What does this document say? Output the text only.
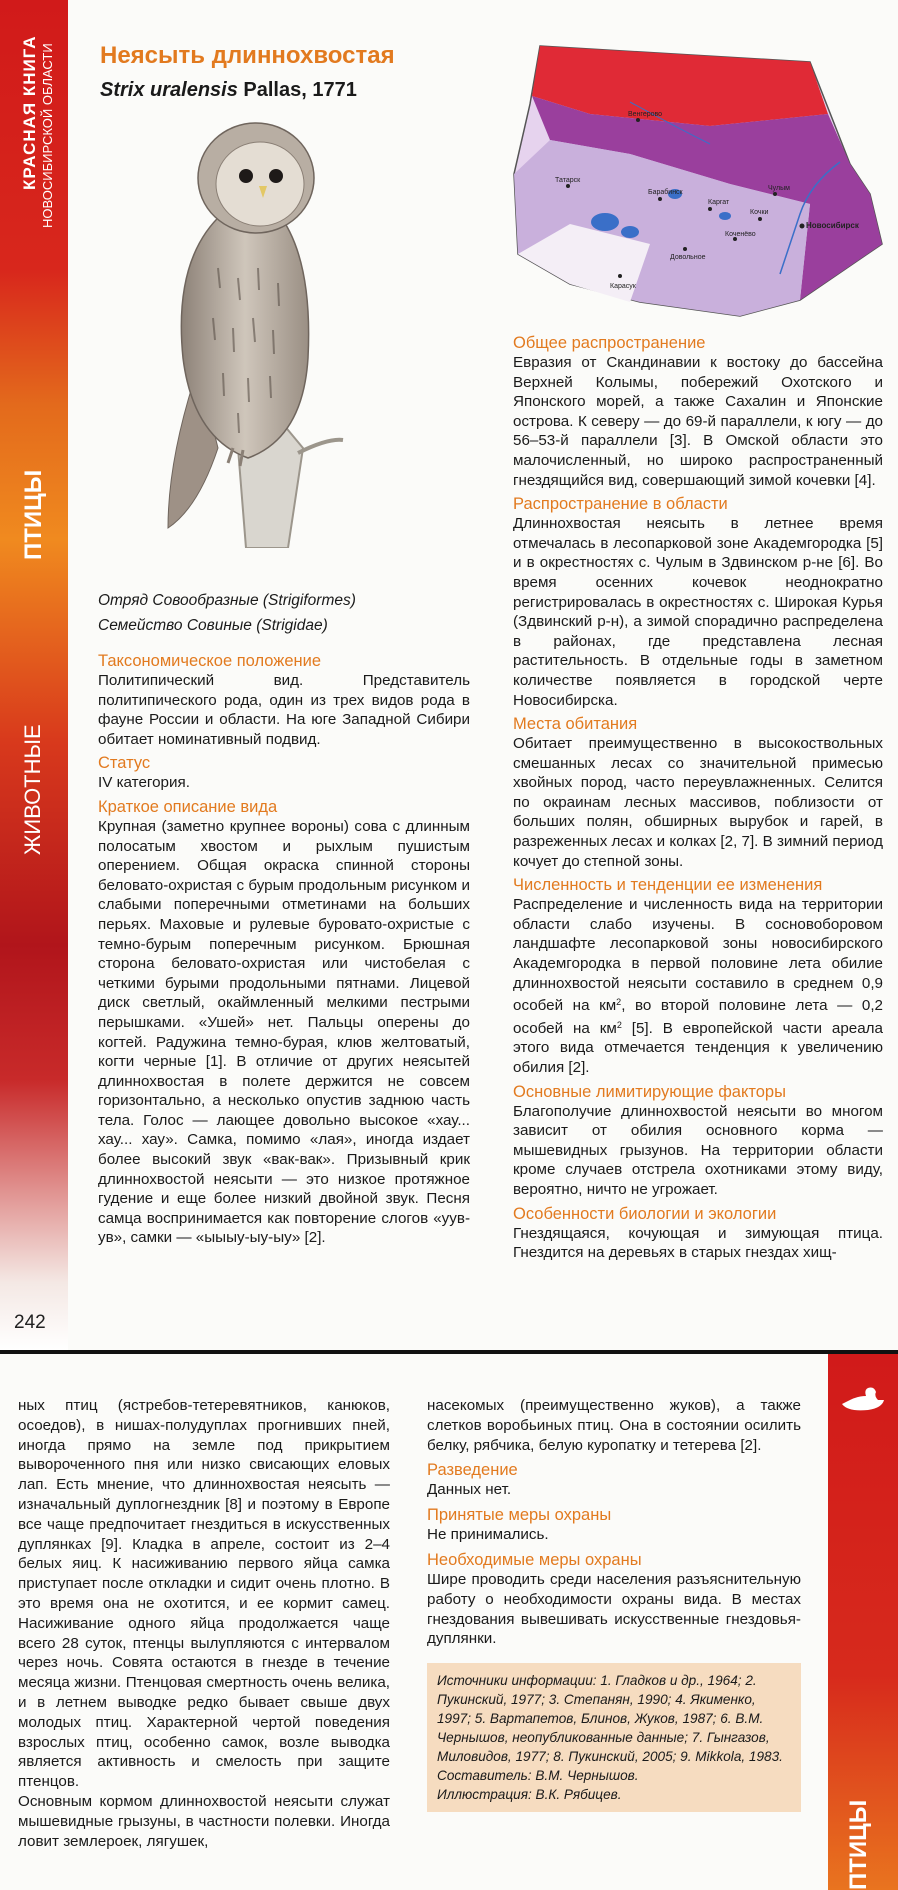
КРАСНАЯ КНИГА НОВОСИБИРСКОЙ ОБЛАСТИ
ПТИЦЫ
ЖИВОТНЫЕ
242
Неясыть длиннохвостая
Strix uralensis Pallas, 1771
Венгерово
Татарск
Барабинск
Каргат
Кочки
Довольное
Карасук
Чулым
Коченёво
Новосибирск
Отряд Совообразные (Strigiformes)
Семейство Совиные (Strigidae)
Таксономическое положение

Политипический вид. Представитель политипического рода, один из трех видов рода в фауне России и области. На юге Западной Сибири обитает номинативный подвид.

Статус

IV категория.

Краткое описание вида

Крупная (заметно крупнее вороны) сова с длинным полосатым хвостом и рыхлым пушистым оперением. Общая окраска спинной стороны беловато-охристая с бурым продольным рисунком и слабыми поперечными отметинами на больших перьях. Маховые и рулевые буровато-охристые с темно-бурым поперечным рисунком. Брюшная сторона беловато-охристая или чистобелая с четкими бурыми продольными пятнами. Лицевой диск светлый, окаймленный мелкими пестрыми перышками. «Ушей» нет. Пальцы оперены до когтей. Радужина темно-бурая, клюв желтоватый, когти черные [1]. В отличие от других неясытей длиннохвостая в полете держится не совсем горизонтально, а несколько опустив заднюю часть тела. Голос — лающее довольно высокое «хау... хау... хау». Самка, помимо «лая», иногда издает более высокий звук «вак-вак». Призывный крик длиннохвостой неясыти — это низкое протяжное гудение и еще более низкий двойной звук. Песня самца воспринимается как повторение слогов «уув-ув», самки — «ыыыу-ыу-ыу» [2].

Общее распространение

Евразия от Скандинавии к востоку до бассейна Верхней Колымы, побережий Охотского и Японского морей, а также Сахалин и Японские острова. К северу — до 69-й параллели, к югу — до 56–53-й параллели [3]. В Омской области это малочисленный, но широко распространенный гнездящийся вид, совершающий зимой кочевки [4].

Распространение в области

Длиннохвостая неясыть в летнее время отмечалась в лесопарковой зоне Академгородка [5] и в окрестностях с. Чулым в Здвинском р-не [6]. Во время осенних кочевок неоднократно регистрировалась в окрестностях с. Широкая Курья (Здвинский р-н), а зимой спорадично распределена в районах, где представлена лесная растительность. В отдельные годы в заметном количестве появляется в городской черте Новосибирска.

Места обитания

Обитает преимущественно в высокоствольных смешанных лесах со значительной примесью хвойных пород, часто переувлажненных. Селится по окраинам лесных массивов, поблизости от больших полян, обширных вырубок и гарей, в разреженных лесах и колках [2, 7]. В зимний период кочует до степной зоны.

Численность и тенденции ее изменения

Распределение и численность вида на территории области слабо изучены. В сосновоборовом ландшафте лесопарковой зоны новосибирского Академгородка в первой половине лета обилие длиннохвостой неясыти составило в среднем 0,9 особей на $км^2$, во второй половине лета — 0,2 особей на $км^2$ [5]. В европейской части ареала этого вида отмечается тенденция к увеличению обилия [2].

Основные лимитирующие факторы

Благополучие длиннохвостой неясыти во многом зависит от обилия основного корма — мышевидных грызунов. На территории области кроме случаев отстрела охотниками этому виду, вероятно, ничто не угрожает.

Особенности биологии и экологии

Гнездящаяся, кочующая и зимующая птица. Гнездится на деревьях в старых гнездах хищ-

ПТИЦЫ

ных птиц (ястребов-тетеревятников, канюков, осоедов), в нишах-полудуплах прогнивших пней, иногда прямо на земле под прикрытием вывороченного пня или низко свисающих еловых лап. Есть мнение, что длиннохвостая неясыть — изначальный дуплогнездник [8] и поэтому в Европе все чаще предпочитает гнездиться в искусственных дуплянках [9]. Кладка в апреле, состоит из 2–4 белых яиц. К насиживанию первого яйца самка приступает после откладки и сидит очень плотно. В это время она не охотится, и ее кормит самец. Насиживание одного яйца продолжается чаще всего 28 суток, птенцы вылупляются с интервалом через ночь. Совята остаются в гнезде в течение месяца жизни. Птенцовая смертность очень велика, и в летнем выводке редко бывает свыше двух молодых птиц. Характерной чертой поведения взрослых птиц, особенно самок, возле выводка является активность и смелость при защите птенцов.

Основным кормом длиннохвостой неясыти служат мышевидные грызуны, в частности полевки. Иногда ловит землероек, лягушек,

насекомых (преимущественно жуков), а также слетков воробьиных птиц. Она в состоянии осилить белку, рябчика, белую куропатку и тетерева [2].

Разведение

Данных нет.

Принятые меры охраны

Не принимались.

Необходимые меры охраны

Шире проводить среди населения разъяснительную работу о необходимости охраны вида. В местах гнездования вывешивать искусственные гнездовья-дуплянки.

Источники информации: 1. Гладков и др., 1964; 2. Пукинский, 1977; 3. Степанян, 1990; 4. Якименко, 1997; 5. Вартапетов, Блинов, Жуков, 1987; 6. В.М. Чернышов, неопубликованные данные; 7. Гынгазов, Миловидов, 1977; 8. Пукинский, 2005; 9. Mikkola, 1983.
Составитель: В.М. Чернышов.
Иллюстрация: В.К. Рябицев.
